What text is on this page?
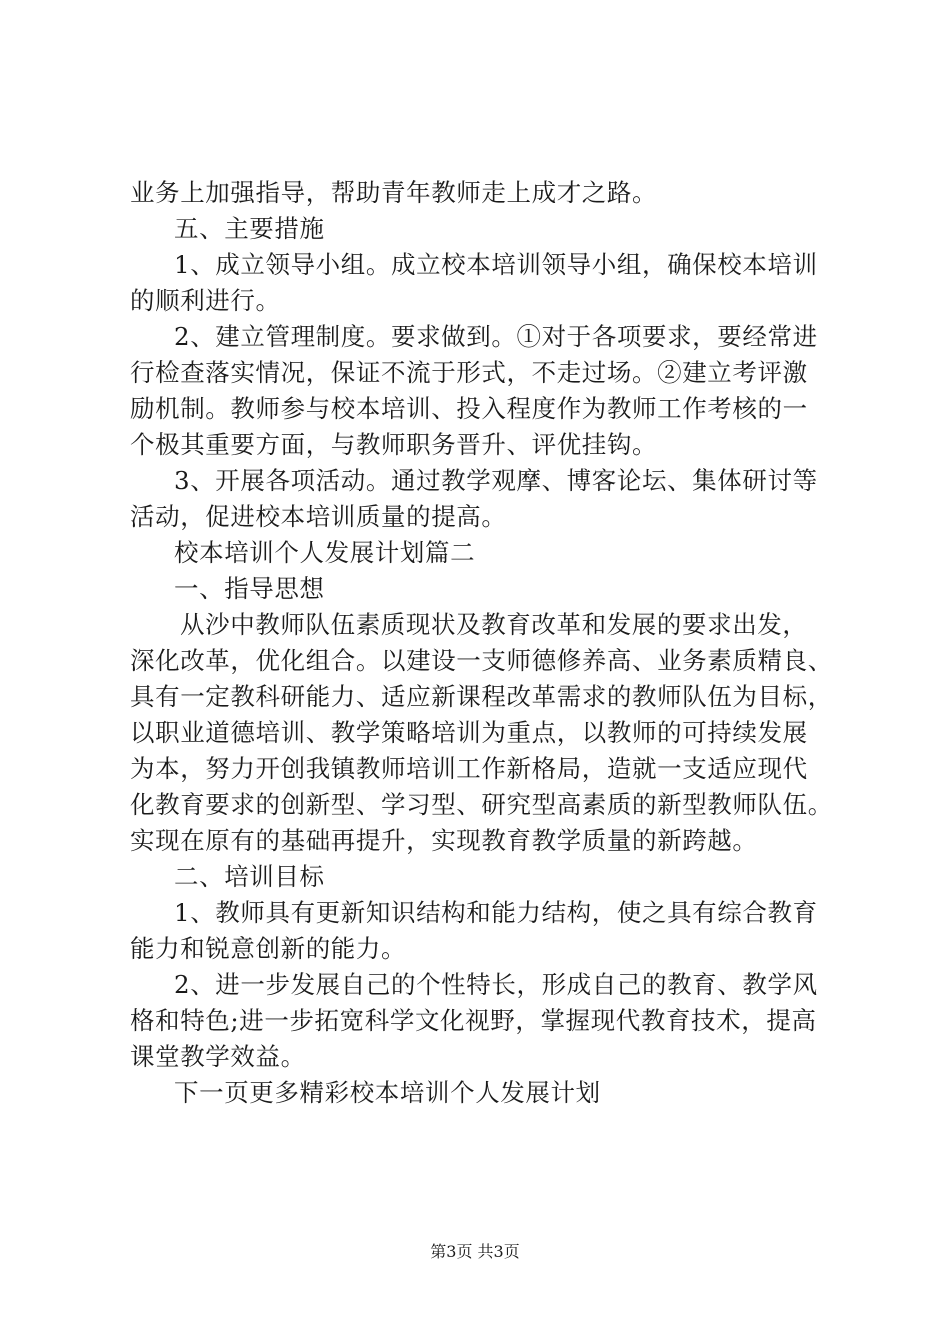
业务上加强指导，帮助青年教师走上成才之路。
五、主要措施
1、成立领导小组。成立校本培训领导小组，确保校本培训
的顺利进行。
2、建立管理制度。要求做到。①对于各项要求，要经常进
行检查落实情况，保证不流于形式，不走过场。②建立考评激
励机制。教师参与校本培训、投入程度作为教师工作考核的一
个极其重要方面，与教师职务晋升、评优挂钩。
3、开展各项活动。通过教学观摩、博客论坛、集体研讨等
活动，促进校本培训质量的提高。
校本培训个人发展计划篇二
一、指导思想
从沙中教师队伍素质现状及教育改革和发展的要求出发，
深化改革，优化组合。以建设一支师德修养高、业务素质精良、
具有一定教科研能力、适应新课程改革需求的教师队伍为目标，
以职业道德培训、教学策略培训为重点，以教师的可持续发展
为本，努力开创我镇教师培训工作新格局，造就一支适应现代
化教育要求的创新型、学习型、研究型高素质的新型教师队伍。
实现在原有的基础再提升，实现教育教学质量的新跨越。
二、培训目标
1、教师具有更新知识结构和能力结构，使之具有综合教育
能力和锐意创新的能力。
2、进一步发展自己的个性特长，形成自己的教育、教学风
格和特色;进一步拓宽科学文化视野，掌握现代教育技术，提高
课堂教学效益。
下一页更多精彩校本培训个人发展计划
第3页 共3页
